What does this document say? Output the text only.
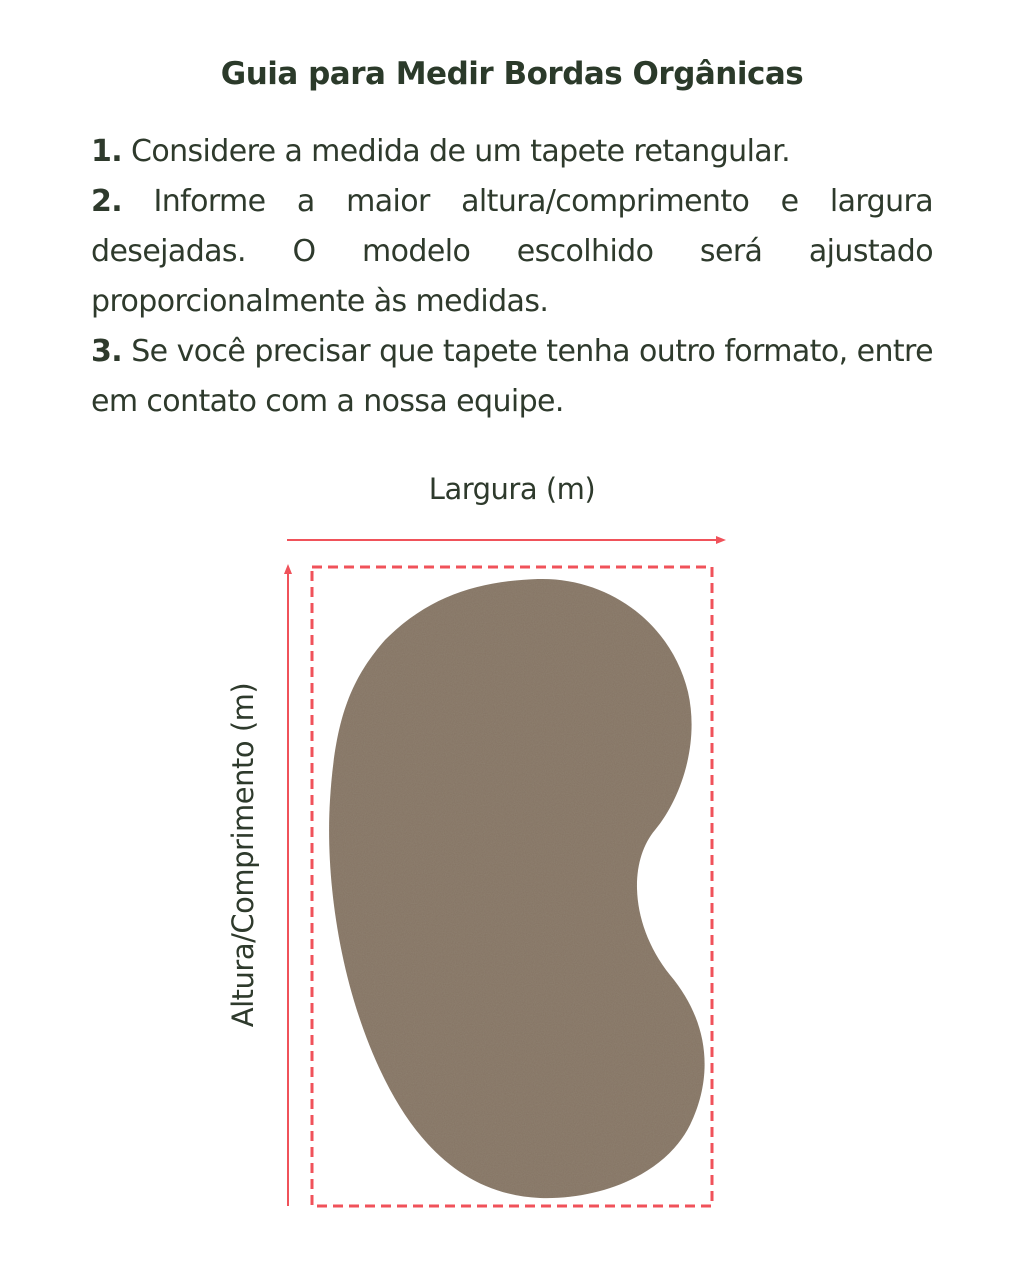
Guia para Medir Bordas Orgânicas

1. Considere a medida de um tapete retangular.

2. Informe a maior altura/comprimento e largura desejadas. O modelo escolhido será ajustado proporcionalmente às medidas.

3. Se você precisar que tapete tenha outro formato, entre em contato com a nossa equipe.

Largura (m)
Altura/Comprimento (m)
